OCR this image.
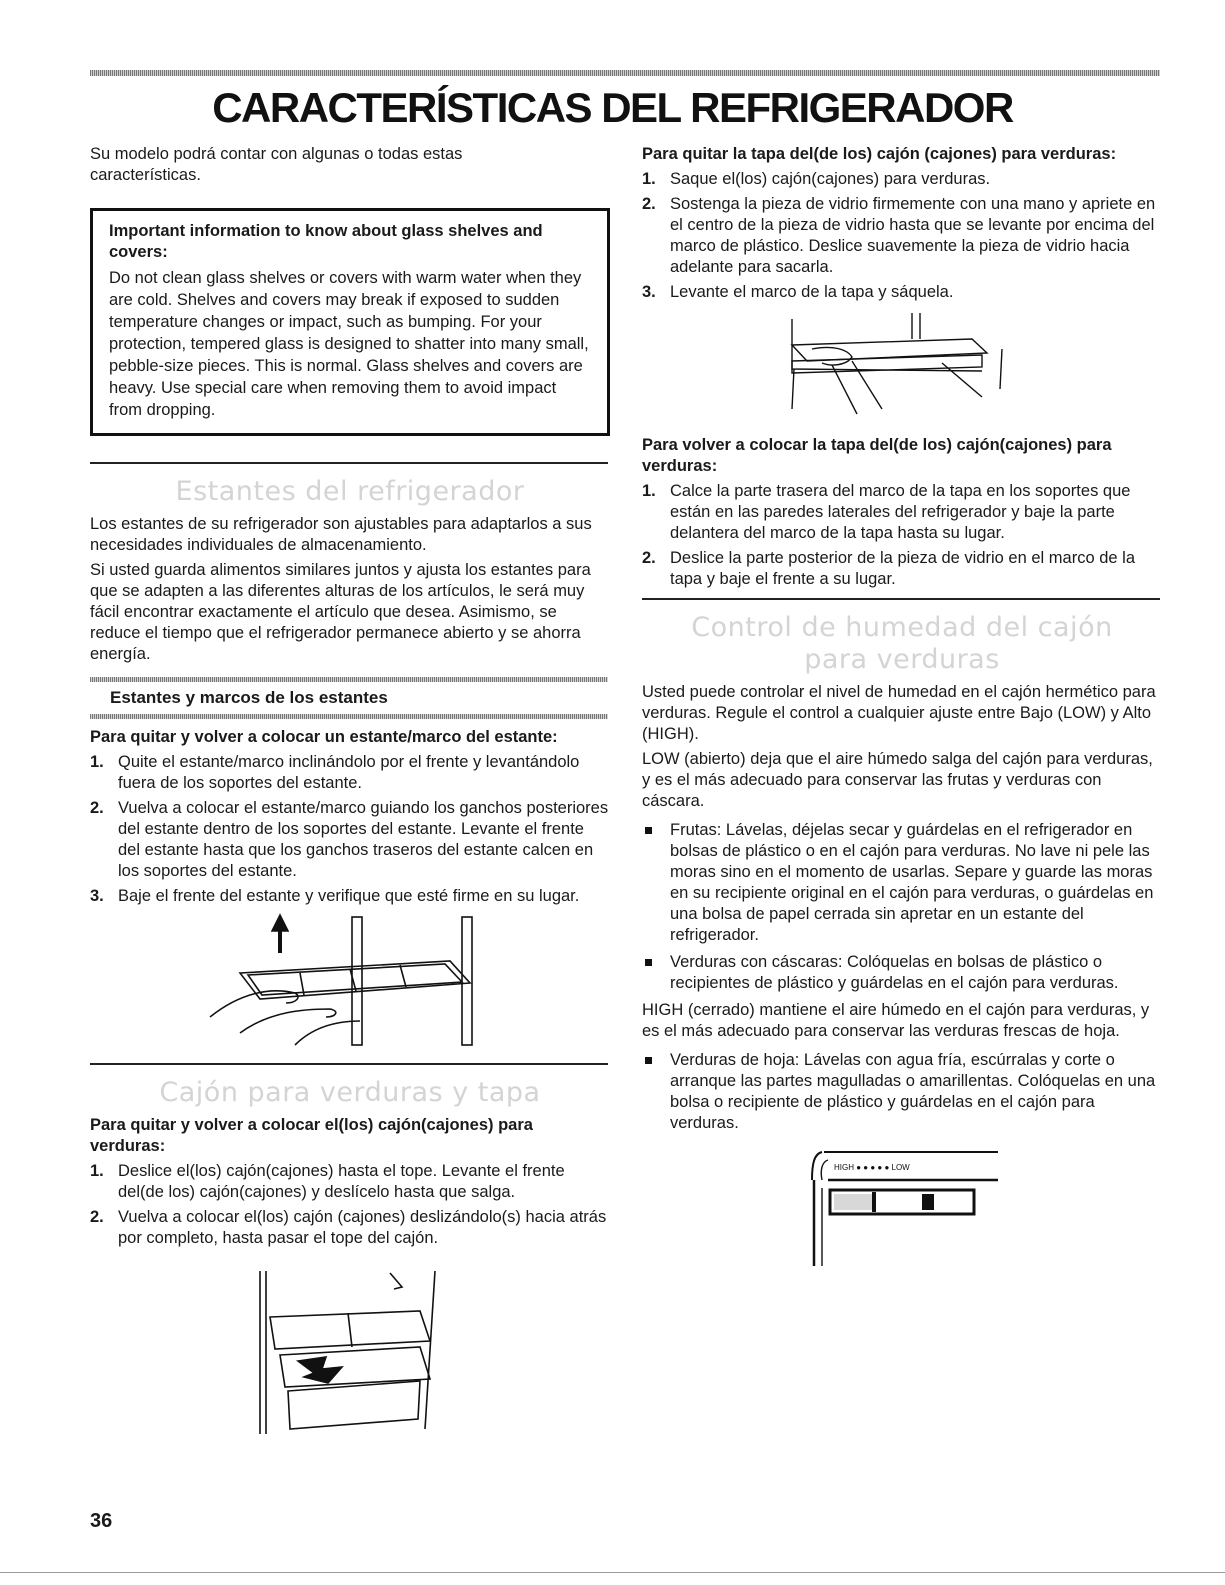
CARACTERÍSTICAS DEL REFRIGERADOR

Su modelo podrá contar con algunas o todas estas características.

Important information to know about glass shelves and covers:
Do not clean glass shelves or covers with warm water when they are cold. Shelves and covers may break if exposed to sudden temperature changes or impact, such as bumping. For your protection, tempered glass is designed to shatter into many small, pebble-size pieces. This is normal. Glass shelves and covers are heavy. Use special care when removing them to avoid impact from dropping.
Estantes del refrigerador

Los estantes de su refrigerador son ajustables para adaptarlos a sus necesidades individuales de almacenamiento.

Si usted guarda alimentos similares juntos y ajusta los estantes para que se adapten a las diferentes alturas de los artículos, le será muy fácil encontrar exactamente el artículo que desea. Asimismo, se reduce el tiempo que el refrigerador permanece abierto y se ahorra energía.

Estantes y marcos de los estantes
Para quitar y volver a colocar un estante/marco del estante:
1. Quite el estante/marco inclinándolo por el frente y levantándolo fuera de los soportes del estante.
2. Vuelva a colocar el estante/marco guiando los ganchos posteriores del estante dentro de los soportes del estante. Levante el frente del estante hasta que los ganchos traseros del estante calcen en los soportes del estante.
3. Baje el frente del estante y verifique que esté firme en su lugar.
Cajón para verduras y tapa
Para quitar y volver a colocar el(los) cajón(cajones) para verduras:
1. Deslice el(los) cajón(cajones) hasta el tope. Levante el frente del(de los) cajón(cajones) y deslícelo hasta que salga.
2. Vuelva a colocar el(los) cajón (cajones) deslizándolo(s) hacia atrás por completo, hasta pasar el tope del cajón.
Para quitar la tapa del(de los) cajón (cajones) para verduras:
1. Saque el(los) cajón(cajones) para verduras.
2. Sostenga la pieza de vidrio firmemente con una mano y apriete en el centro de la pieza de vidrio hasta que se levante por encima del marco de plástico. Deslice suavemente la pieza de vidrio hacia adelante para sacarla.
3. Levante el marco de la tapa y sáquela.
Para volver a colocar la tapa del(de los) cajón(cajones) para verduras:
1. Calce la parte trasera del marco de la tapa en los soportes que están en las paredes laterales del refrigerador y baje la parte delantera del marco de la tapa hasta su lugar.
2. Deslice la parte posterior de la pieza de vidrio en el marco de la tapa y baje el frente a su lugar.
Control de humedad del cajón para verduras

Usted puede controlar el nivel de humedad en el cajón hermético para verduras. Regule el control a cualquier ajuste entre Bajo (LOW) y Alto (HIGH).

LOW (abierto) deja que el aire húmedo salga del cajón para verduras, y es el más adecuado para conservar las frutas y verduras con cáscara.

Frutas: Lávelas, déjelas secar y guárdelas en el refrigerador en bolsas de plástico o en el cajón para verduras. No lave ni pele las moras sino en el momento de usarlas. Separe y guarde las moras en su recipiente original en el cajón para verduras, o guárdelas en una bolsa de papel cerrada sin apretar en un estante del refrigerador.
Verduras con cáscaras: Colóquelas en bolsas de plástico o recipientes de plástico y guárdelas en el cajón para verduras.

HIGH (cerrado) mantiene el aire húmedo en el cajón para verduras, y es el más adecuado para conservar las verduras frescas de hoja.

Verduras de hoja: Lávelas con agua fría, escúrralas y corte o arranque las partes magulladas o amarillentas. Colóquelas en una bolsa o recipiente de plástico y guárdelas en el cajón para verduras.
HIGH ● ● ● ● ● LOW
36
